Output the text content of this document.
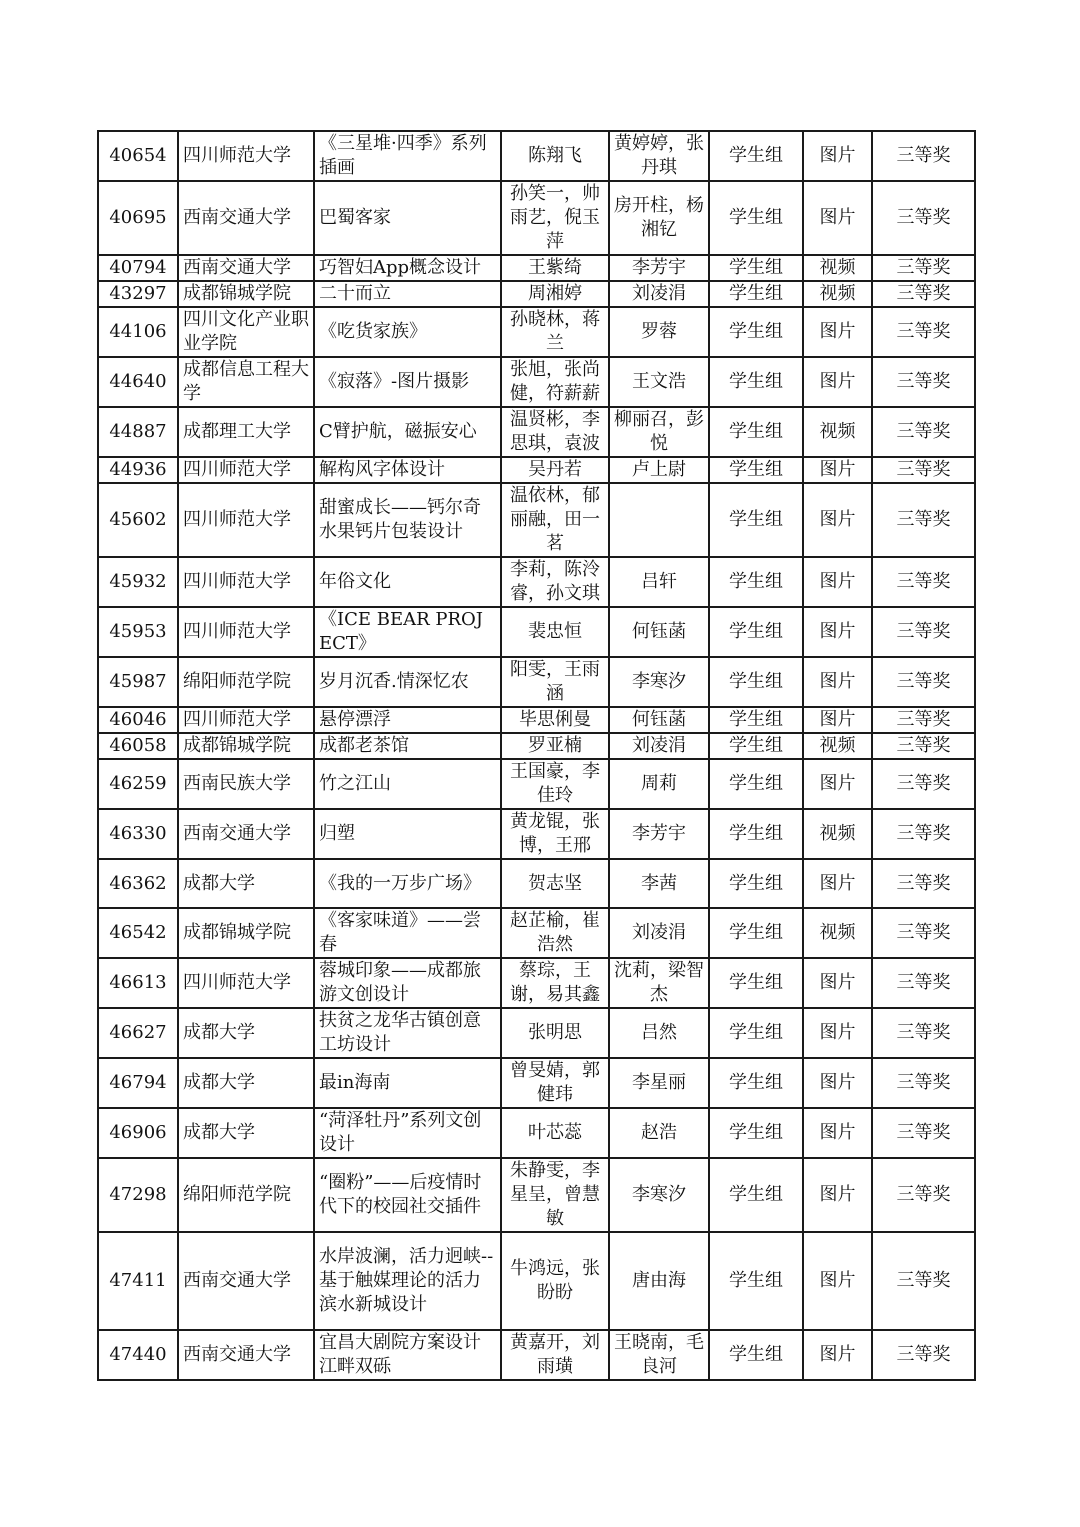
40654	四川师范大学	《三星堆·四季》系列插画	陈翔飞	黄婷婷，张丹琪	学生组	图片	三等奖
40695	西南交通大学	巴蜀客家	孙笑一，帅雨艺，倪玉萍	房开柱，杨湘钇	学生组	图片	三等奖
40794	西南交通大学	巧智妇App概念设计	王紫绮	李芳宇	学生组	视频	三等奖
43297	成都锦城学院	二十而立	周湘婷	刘凌涓	学生组	视频	三等奖
44106	四川文化产业职业学院	《吃货家族》	孙晓林，蒋兰	罗蓉	学生组	图片	三等奖
44640	成都信息工程大学	《寂落》-图片摄影	张旭，张尚健，符薪薪	王文浩	学生组	图片	三等奖
44887	成都理工大学	C臂护航，磁振安心	温贤彬，李思琪，袁波	柳丽召，彭悦	学生组	视频	三等奖
44936	四川师范大学	解构风字体设计	吴丹若	卢上尉	学生组	图片	三等奖
45602	四川师范大学	甜蜜成长——钙尔奇水果钙片包装设计	温依林，郁丽融，田一茗		学生组	图片	三等奖
45932	四川师范大学	年俗文化	李莉，陈泠睿，孙文琪	吕轩	学生组	图片	三等奖
45953	四川师范大学	《ICE BEAR PROJECT》	裴忠恒	何钰菡	学生组	图片	三等奖
45987	绵阳师范学院	岁月沉香.情深忆农	阳雯，王雨涵	李寒汐	学生组	图片	三等奖
46046	四川师范大学	悬停漂浮	毕思俐曼	何钰菡	学生组	图片	三等奖
46058	成都锦城学院	成都老茶馆	罗亚楠	刘凌涓	学生组	视频	三等奖
46259	西南民族大学	竹之江山	王国豪，李佳玲	周莉	学生组	图片	三等奖
46330	西南交通大学	归塑	黄龙锟，张博，王邢	李芳宇	学生组	视频	三等奖
46362	成都大学	《我的一万步广场》	贺志坚	李茜	学生组	图片	三等奖
46542	成都锦城学院	《客家味道》——尝春	赵芷榆，崔浩然	刘凌涓	学生组	视频	三等奖
46613	四川师范大学	蓉城印象——成都旅游文创设计	蔡琮，王谢，易其鑫	沈莉，梁智杰	学生组	图片	三等奖
46627	成都大学	扶贫之龙华古镇创意工坊设计	张明思	吕然	学生组	图片	三等奖
46794	成都大学	最in海南	曾旻婧，郭健玮	李星丽	学生组	图片	三等奖
46906	成都大学	“菏泽牡丹”系列文创设计	叶芯蕊	赵浩	学生组	图片	三等奖
47298	绵阳师范学院	“圈粉”——后疫情时代下的校园社交插件	朱静雯，李星呈，曾慧敏	李寒汐	学生组	图片	三等奖
47411	西南交通大学	水岸波澜，活力迥峡--基于触媒理论的活力滨水新城设计	牛鸿远，张盼盼	唐由海	学生组	图片	三等奖
47440	西南交通大学	宜昌大剧院方案设计 江畔双砾	黄嘉开，刘雨璜	王晓南，毛良河	学生组	图片	三等奖
